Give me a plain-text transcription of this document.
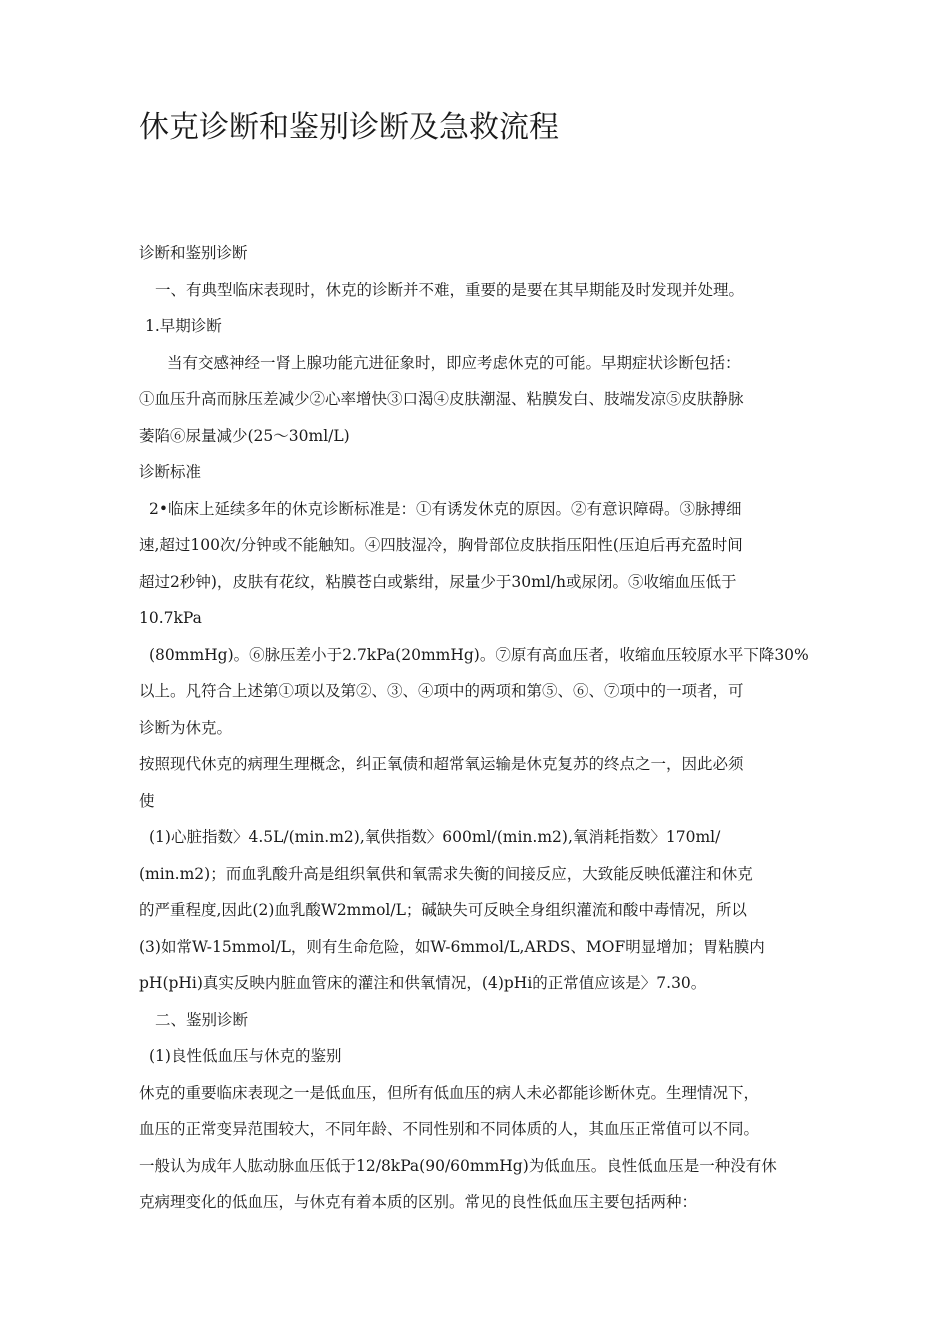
休克诊断和鉴别诊断及急救流程
诊断和鉴别诊断
一、有典型临床表现时，休克的诊断并不难，重要的是要在其早期能及时发现并处理。
1.早期诊断
当有交感神经一肾上腺功能亢进征象时，即应考虑休克的可能。早期症状诊断包括：
①血压升高而脉压差减少②心率增快③口渴④皮肤潮湿、粘膜发白、肢端发凉⑤皮肤静脉
萎陷⑥尿量减少(25〜30ml/L)
诊断标准
2•临床上延续多年的休克诊断标准是：①有诱发休克的原因。②有意识障碍。③脉搏细
速,超过100次/分钟或不能触知。④四肢湿冷，胸骨部位皮肤指压阳性(压迫后再充盈时间
超过2秒钟)，皮肤有花纹，粘膜苍白或紫绀，尿量少于30ml/h或尿闭。⑤收缩血压低于
10.7kPa
(80mmHg)。⑥脉压差小于2.7kPa(20mmHg)。⑦原有高血压者，收缩血压较原水平下降30%
以上。凡符合上述第①项以及第②、③、④项中的两项和第⑤、⑥、⑦项中的一项者，可
诊断为休克。
按照现代休克的病理生理概念，纠正氧债和超常氧运输是休克复苏的终点之一，因此必须
使
(1)心脏指数〉4.5L/(min.m2),氧供指数〉600ml/(min.m2),氧消耗指数〉170ml/
(min.m2)；而血乳酸升高是组织氧供和氧需求失衡的间接反应，大致能反映低灌注和休克
的严重程度,因此(2)血乳酸W2mmol/L；碱缺失可反映全身组织灌流和酸中毒情况，所以
(3)如常W-15mmol/L，则有生命危险，如W-6mmol/L,ARDS、MOF明显增加；胃粘膜内
pH(pHi)真实反映内脏血管床的灌注和供氧情况，(4)pHi的正常值应该是〉7.30。
二、鉴别诊断
(1)良性低血压与休克的鉴别
休克的重要临床表现之一是低血压，但所有低血压的病人未必都能诊断休克。生理情况下，
血压的正常变异范围较大，不同年龄、不同性别和不同体质的人，其血压正常值可以不同。
一般认为成年人肱动脉血压低于12/8kPa(90/60mmHg)为低血压。良性低血压是一种没有休
克病理变化的低血压，与休克有着本质的区别。常见的良性低血压主要包括两种：
